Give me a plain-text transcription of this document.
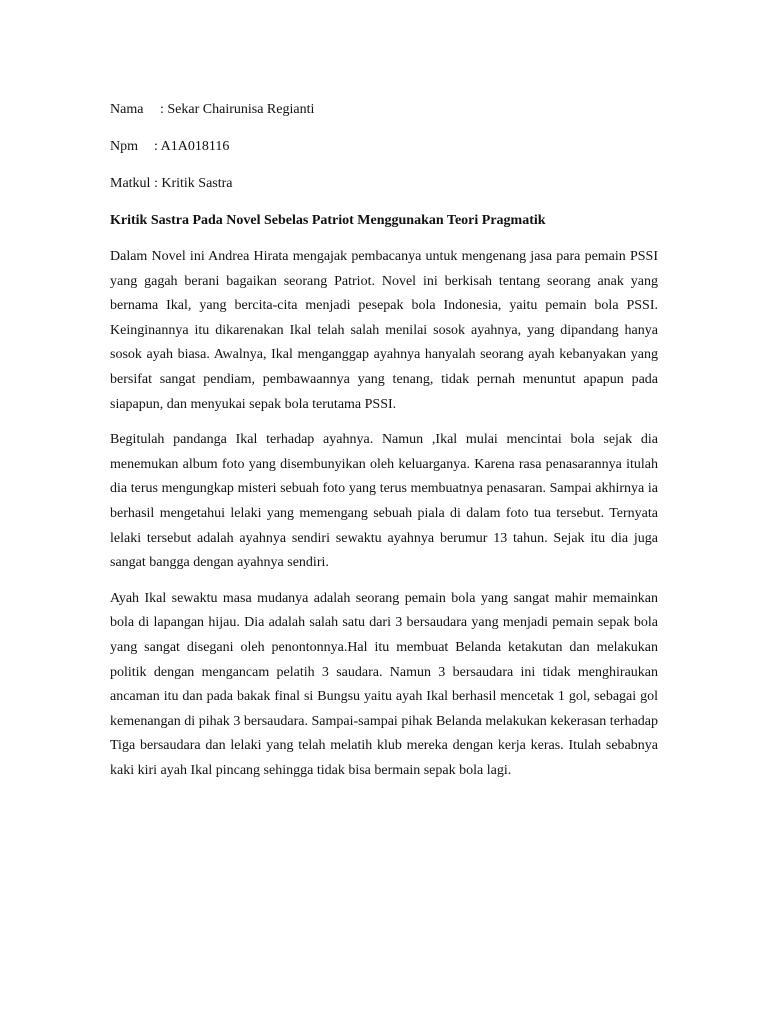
Nama : Sekar Chairunisa Regianti
Npm : A1A018116
Matkul : Kritik Sastra
Kritik Sastra Pada Novel Sebelas Patriot Menggunakan Teori Pragmatik

Dalam Novel ini Andrea Hirata mengajak pembacanya untuk mengenang jasa para pemain PSSI yang gagah berani bagaikan seorang Patriot. Novel ini berkisah tentang seorang anak yang bernama Ikal, yang bercita-cita menjadi pesepak bola Indonesia, yaitu pemain bola PSSI. Keinginannya itu dikarenakan Ikal telah salah menilai sosok ayahnya, yang dipandang hanya sosok ayah biasa. Awalnya, Ikal menganggap ayahnya hanyalah seorang ayah kebanyakan yang bersifat sangat pendiam, pembawaannya yang tenang, tidak pernah menuntut apapun pada siapapun, dan menyukai sepak bola terutama PSSI.

Begitulah pandanga Ikal terhadap ayahnya. Namun ,Ikal mulai mencintai bola sejak dia menemukan album foto yang disembunyikan oleh keluarganya. Karena rasa penasarannya itulah dia terus mengungkap misteri sebuah foto yang terus membuatnya penasaran. Sampai akhirnya ia berhasil mengetahui lelaki yang memengang sebuah piala di dalam foto tua tersebut. Ternyata lelaki tersebut adalah ayahnya sendiri sewaktu ayahnya berumur 13 tahun. Sejak itu dia juga sangat bangga dengan ayahnya sendiri.

Ayah Ikal sewaktu masa mudanya adalah seorang pemain bola yang sangat mahir memainkan bola di lapangan hijau. Dia adalah salah satu dari 3 bersaudara yang menjadi pemain sepak bola yang sangat disegani oleh penontonnya.Hal itu membuat Belanda ketakutan dan melakukan politik dengan mengancam pelatih 3 saudara. Namun 3 bersaudara ini tidak menghiraukan ancaman itu dan pada bakak final si Bungsu yaitu ayah Ikal berhasil mencetak 1 gol, sebagai gol kemenangan di pihak 3 bersaudara. Sampai-sampai pihak Belanda melakukan kekerasan terhadap Tiga bersaudara dan lelaki yang telah melatih klub mereka dengan kerja keras. Itulah sebabnya kaki kiri ayah Ikal pincang sehingga tidak bisa bermain sepak bola lagi.
